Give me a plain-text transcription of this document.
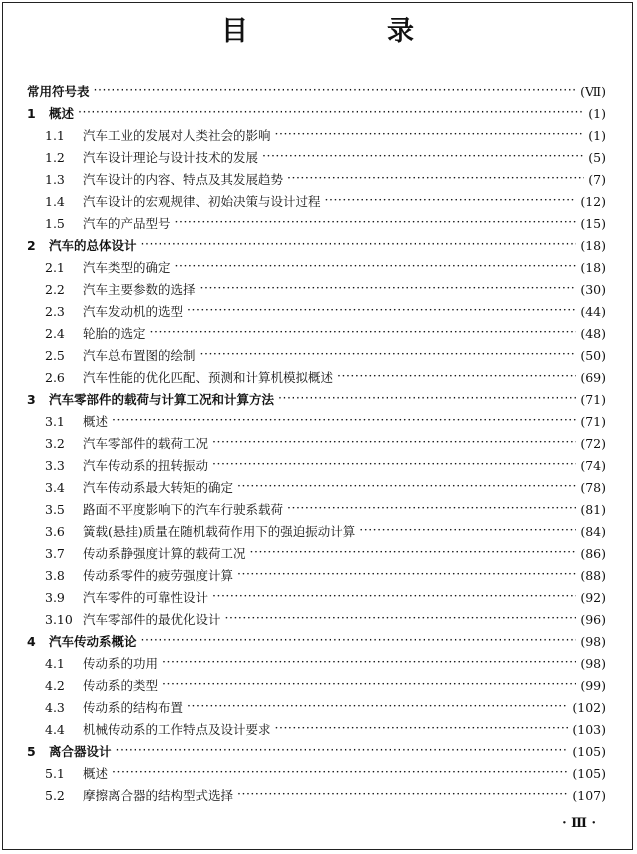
目　录
常用符号表 ·····	(Ⅶ)
1	概述 ·····	(1)
1.1	汽车工业的发展对人类社会的影响 ·····	(1)
1.2	汽车设计理论与设计技术的发展 ·····	(5)
1.3	汽车设计的内容、特点及其发展趋势 ·····	(7)
1.4	汽车设计的宏观规律、初始决策与设计过程 ·····	(12)
1.5	汽车的产品型号 ·····	(15)
2	汽车的总体设计 ·····	(18)
2.1	汽车类型的确定 ·····	(18)
2.2	汽车主要参数的选择 ·····	(30)
2.3	汽车发动机的选型 ·····	(44)
2.4	轮胎的选定 ·····	(48)
2.5	汽车总布置图的绘制 ·····	(50)
2.6	汽车性能的优化匹配、预测和计算机模拟概述 ·····	(69)
3	汽车零部件的载荷与计算工况和计算方法 ·····	(71)
3.1	概述 ·····	(71)
3.2	汽车零部件的载荷工况 ·····	(72)
3.3	汽车传动系的扭转振动 ·····	(74)
3.4	汽车传动系最大转矩的确定 ·····	(78)
3.5	路面不平度影响下的汽车行驶系载荷 ·····	(81)
3.6	簧载(悬挂)质量在随机载荷作用下的强迫振动计算 ·····	(84)
3.7	传动系静强度计算的载荷工况 ·····	(86)
3.8	传动系零件的疲劳强度计算 ·····	(88)
3.9	汽车零件的可靠性设计 ·····	(92)
3.10 汽车零部件的最优化设计 ·····	(96)
4	汽车传动系概论 ·····	(98)
4.1	传动系的功用 ·····	(98)
4.2	传动系的类型 ·····	(99)
4.3	传动系的结构布置 ·····	(102)
4.4	机械传动系的工作特点及设计要求 ·····	(103)
5	离合器设计 ·····	(105)
5.1	概述 ·····	(105)
5.2	摩擦离合器的结构型式选择 ·····	(107)
· Ⅲ ·
